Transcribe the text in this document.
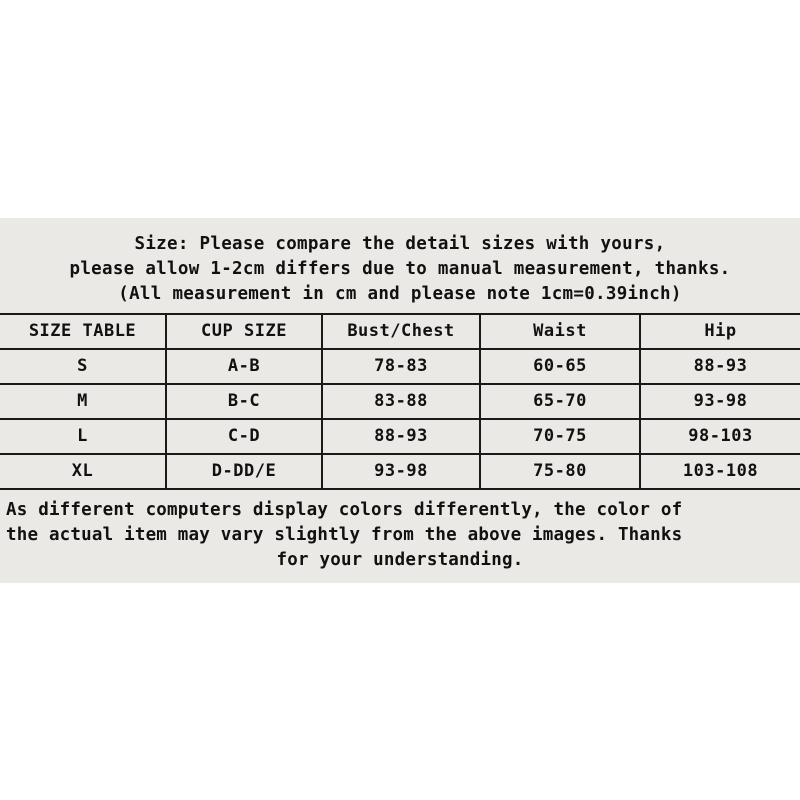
Size: Please compare the detail sizes with yours,
please allow 1-2cm differs due to manual measurement, thanks.
(All measurement in cm and please note 1cm=0.39inch)
SIZE TABLE	CUP SIZE	Bust/Chest	Waist	Hip
S	A-B	78-83	60-65	88-93
M	B-C	83-88	65-70	93-98
L	C-D	88-93	70-75	98-103
XL	D-DD/E	93-98	75-80	103-108
As different computers display colors differently, the color of
the actual item may vary slightly from the above images. Thanks
for your understanding.
